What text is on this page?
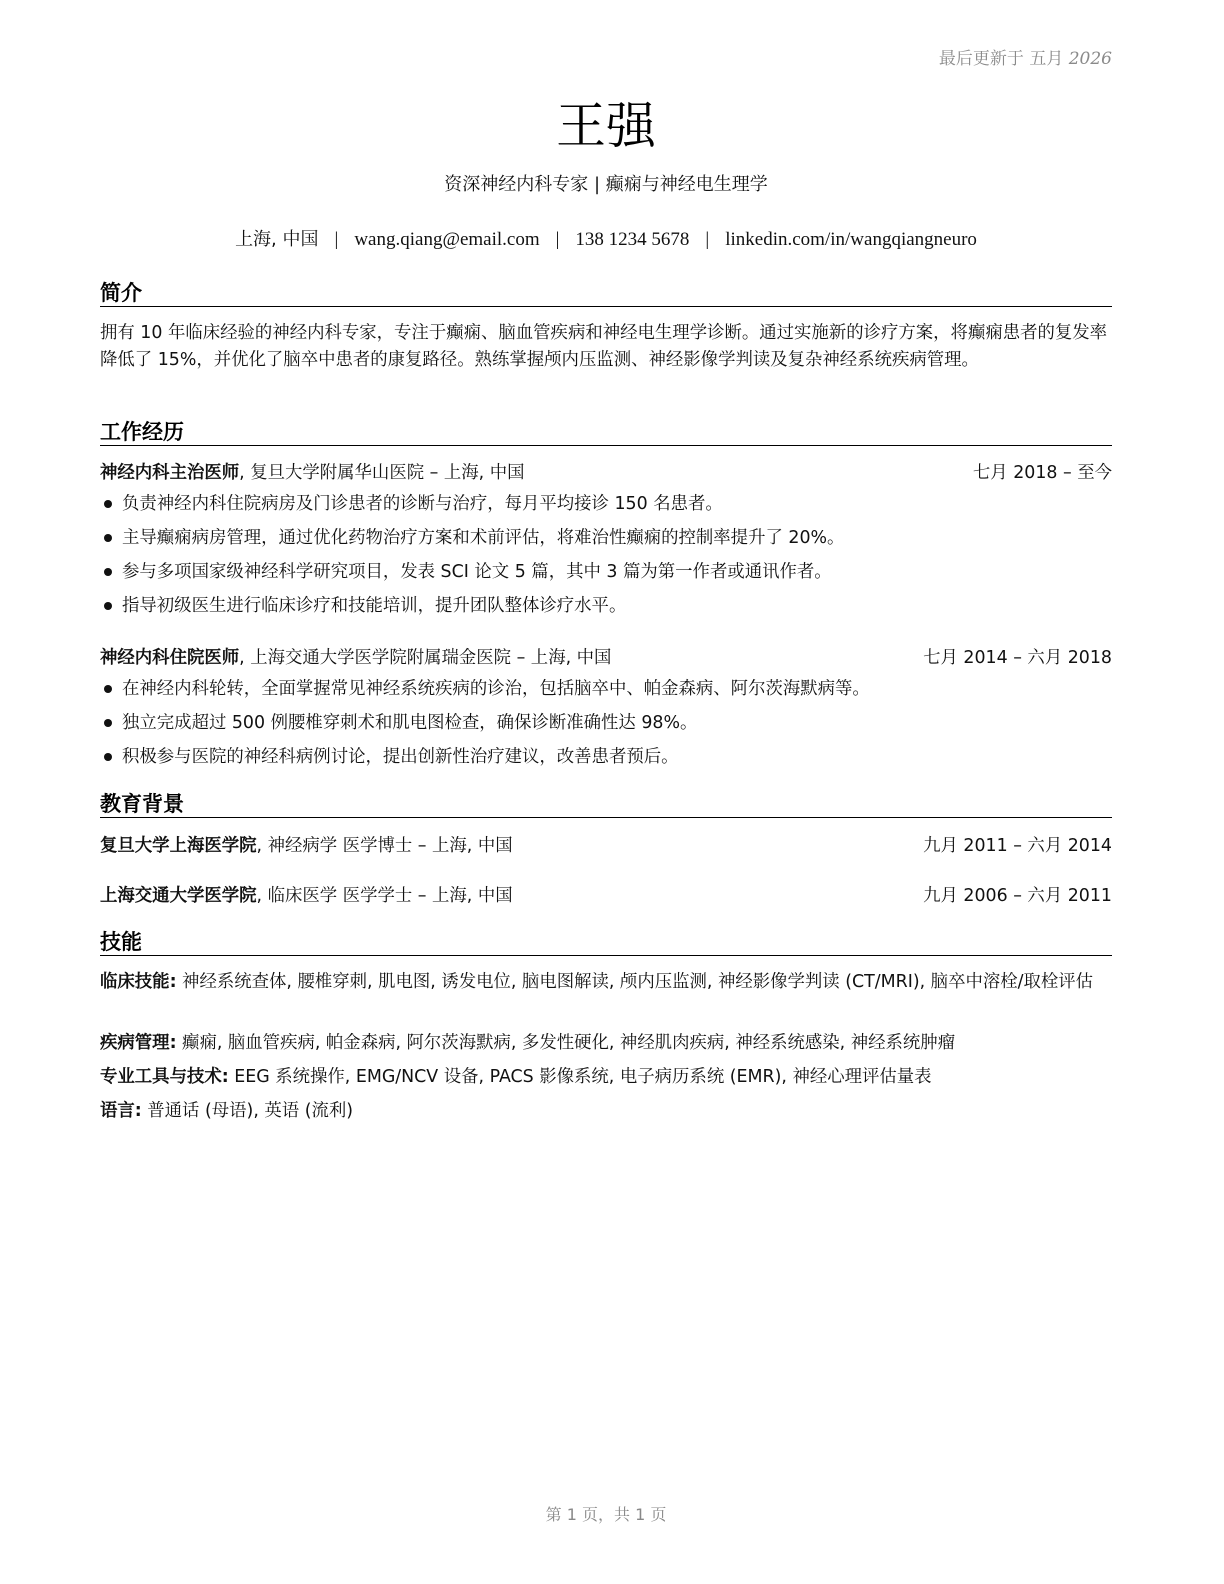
最后更新于 五月 2026
王强
资深神经内科专家 | 癫痫与神经电生理学
上海, 中国 | wang.qiang@email.com | 138 1234 5678 | linkedin.com/in/wangqiangneuro
简介

拥有 10 年临床经验的神经内科专家，专注于癫痫、脑血管疾病和神经电生理学诊断。通过实施新的诊疗方案，将癫痫患者的复发率降低了 15%，并优化了脑卒中患者的康复路径。熟练掌握颅内压监测、神经影像学判读及复杂神经系统疾病管理。

工作经历
神经内科主治医师, 复旦大学附属华山医院 – 上海, 中国	七月 2018 – 至今
负责神经内科住院病房及门诊患者的诊断与治疗，每月平均接诊 150 名患者。
主导癫痫病房管理，通过优化药物治疗方案和术前评估，将难治性癫痫的控制率提升了 20%。
参与多项国家级神经科学研究项目，发表 SCI 论文 5 篇，其中 3 篇为第一作者或通讯作者。
指导初级医生进行临床诊疗和技能培训，提升团队整体诊疗水平。
神经内科住院医师, 上海交通大学医学院附属瑞金医院 – 上海, 中国	七月 2014 – 六月 2018
在神经内科轮转，全面掌握常见神经系统疾病的诊治，包括脑卒中、帕金森病、阿尔茨海默病等。
独立完成超过 500 例腰椎穿刺术和肌电图检查，确保诊断准确性达 98%。
积极参与医院的神经科病例讨论，提出创新性治疗建议，改善患者预后。
教育背景
复旦大学上海医学院, 神经病学 医学博士 – 上海, 中国	九月 2011 – 六月 2014
上海交通大学医学院, 临床医学 医学学士 – 上海, 中国	九月 2006 – 六月 2011
技能

临床技能: 神经系统查体, 腰椎穿刺, 肌电图, 诱发电位, 脑电图解读, 颅内压监测, 神经影像学判读 (CT/MRI), 脑卒中溶栓/取栓评估

疾病管理: 癫痫, 脑血管疾病, 帕金森病, 阿尔茨海默病, 多发性硬化, 神经肌肉疾病, 神经系统感染, 神经系统肿瘤

专业工具与技术: EEG 系统操作, EMG/NCV 设备, PACS 影像系统, 电子病历系统 (EMR), 神经心理评估量表

语言: 普通话 (母语), 英语 (流利)

第 1 页，共 1 页
